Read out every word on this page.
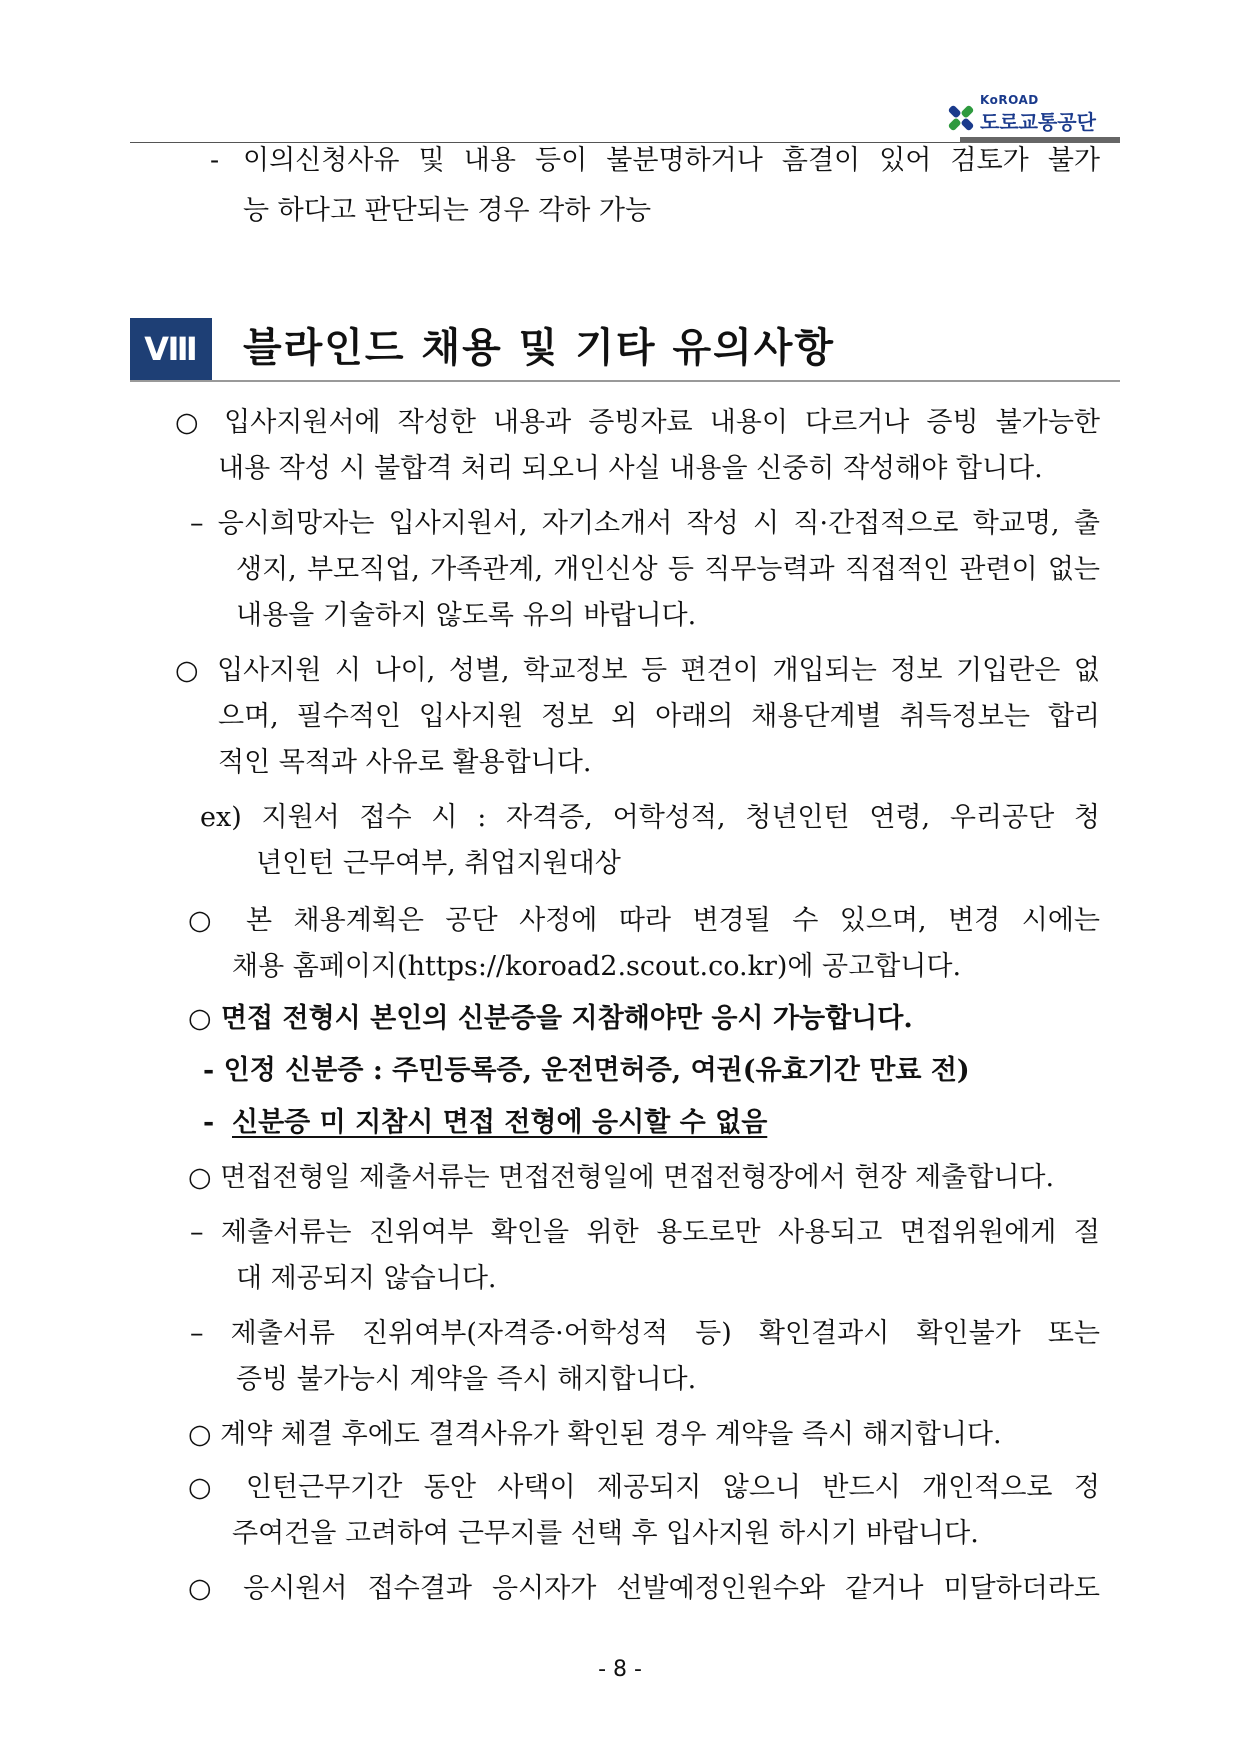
KoROAD
도로교통공단
- 이의신청사유 및 내용 등이 불분명하거나 흠결이 있어 검토가 불가
능 하다고 판단되는 경우 각하 가능
Ⅷ	블라인드 채용 및 기타 유의사항
○ 입사지원서에 작성한 내용과 증빙자료 내용이 다르거나 증빙 불가능한
내용 작성 시 불합격 처리 되오니 사실 내용을 신중히 작성해야 합니다.
– 응시희망자는 입사지원서, 자기소개서 작성 시 직·간접적으로 학교명, 출
생지, 부모직업, 가족관계, 개인신상 등 직무능력과 직접적인 관련이 없는
내용을 기술하지 않도록 유의 바랍니다.
○ 입사지원 시 나이, 성별, 학교정보 등 편견이 개입되는 정보 기입란은 없
으며, 필수적인 입사지원 정보 외 아래의 채용단계별 취득정보는 합리
적인 목적과 사유로 활용합니다.
ex) 지원서 접수 시 : 자격증, 어학성적, 청년인턴 연령, 우리공단 청
년인턴 근무여부, 취업지원대상
○ 본 채용계획은 공단 사정에 따라 변경될 수 있으며, 변경 시에는
채용 홈페이지(https://koroad2.scout.co.kr)에 공고합니다.
○ 면접 전형시 본인의 신분증을 지참해야만 응시 가능합니다.
- 인정 신분증 : 주민등록증, 운전면허증, 여권(유효기간 만료 전)
- 신분증 미 지참시 면접 전형에 응시할 수 없음
○ 면접전형일 제출서류는 면접전형일에 면접전형장에서 현장 제출합니다.
– 제출서류는 진위여부 확인을 위한 용도로만 사용되고 면접위원에게 절
대 제공되지 않습니다.
– 제출서류 진위여부(자격증·어학성적 등) 확인결과시 확인불가 또는
증빙 불가능시 계약을 즉시 해지합니다.
○ 계약 체결 후에도 결격사유가 확인된 경우 계약을 즉시 해지합니다.
○ 인턴근무기간 동안 사택이 제공되지 않으니 반드시 개인적으로 정
주여건을 고려하여 근무지를 선택 후 입사지원 하시기 바랍니다.
○ 응시원서 접수결과 응시자가 선발예정인원수와 같거나 미달하더라도
- 8 -
